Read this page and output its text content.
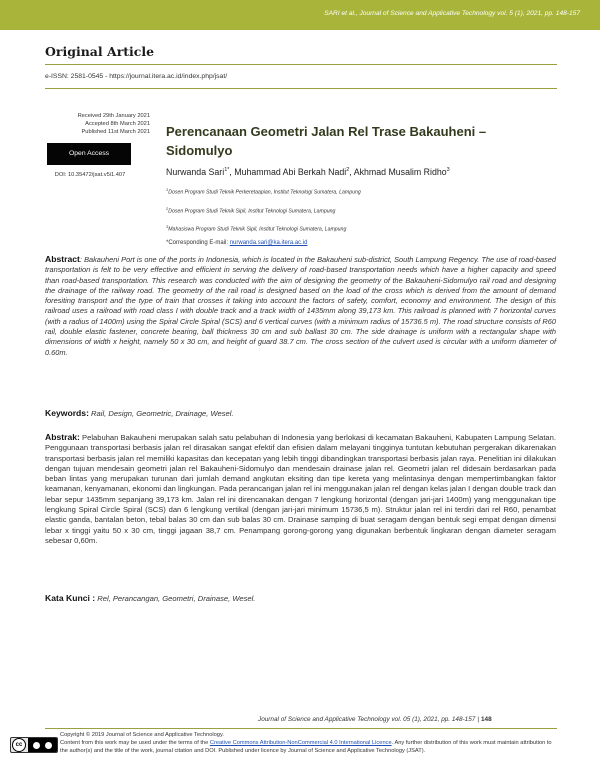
SARI et al., Journal of Science and Applicative Technology vol. 5 (1), 2021, pp. 148-157
Original Article
e-ISSN: 2581-0545 - https://journal.itera.ac.id/index.php/jsat/
Received 29th January 2021
Accepted 8th March 2021
Published 11st March 2021
Open Access
DOI: 10.35472/jsat.v5i1.407
Perencanaan Geometri Jalan Rel Trase Bakauheni –
Sidomulyo
Nurwanda Sari$^{1*}$, Muhammad Abi Berkah Nadi$^2$, Akhmad Musalim Ridho$^3$
$^1$Dosen Program Studi Teknik Perkeretaapian, Institut Teknologi Sumatera, Lampung
$^2$Dosen Program Studi Teknik Sipil, Institut Teknologi Sumatera, Lampung
$^3$Mahasiswa Program Studi Teknik Sipil, Institut Teknologi Sumatera, Lampung
*Corresponding E-mail: nurwanda.sari@ka.itera.ac.id
Abstract: Bakauheni Port is one of the ports in Indonesia, which is located in the Bakauheni sub-district, South Lampung Regency. The use of road-based transportation is felt to be very effective and efficient in serving the delivery of road-based transportation needs which have a higher capacity and speed than road-based transportation. This research was conducted with the aim of designing the geometry of the Bakauheni-Sidomulyo rail road and designing the drainage of the railway road. The geometry of the rail road is designed based on the load of the cross which is derived from the amount of demand foresiting transport and the type of train that crosses it taking into account the factors of safety, comfort, economy and environment. The design of this railroad uses a railroad with road class I with double track and a track width of 1435mm along 39,173 km. This railroad is planned with 7 horizontal curves (with a radius of 1400m) using the Spiral Circle Spiral (SCS) and 6 vertical curves (with a minimum radius of 15736.5 m). The road structure consists of R60 rail, double elastic fastener, concrete bearing, ball thickness 30 cm and sub ballast 30 cm. The side drainage is uniform with a rectangular shape with dimensions of width x height, namely 50 x 30 cm, and height of guard 38.7 cm. The cross section of the culvert used is circular with a uniform diameter of 0.60m.
Keywords: Rail, Design, Geometric, Drainage, Wesel.
Abstrak: Pelabuhan Bakauheni merupakan salah satu pelabuhan di Indonesia yang berlokasi di kecamatan Bakauheni, Kabupaten Lampung Selatan. Penggunaan transportasi berbasis jalan rel dirasakan sangat efektif dan efisien dalam melayani tingginya tuntutan kebutuhan pergerakan dikarenakan transportasi berbasis jalan rel memiliki kapasitas dan kecepatan yang lebih tinggi dibandingkan transportasi berbasis jalan raya. Penelitian ini dilakukan dengan tujuan mendesain geometri jalan rel Bakauheni-Sidomulyo dan mendesain drainase jalan rel. Geometri jalan rel didesain berdasarkan pada beban lintas yang merupakan turunan dari jumlah demand angkutan eksiting dan tipe kereta yang melintasinya dengan mempertimbangkan faktor keamanan, kenyamanan, ekonomi dan lingkungan. Pada perancangan jalan rel ini menggunakan jalan rel dengan kelas jalan I dengan double track dan lebar sepur 1435mm sepanjang 39,173 km. Jalan rel ini direncanakan dengan 7 lengkung horizontal (dengan jari-jari 1400m) yang menggunakan tipe lengkung Spiral Circle Spiral (SCS) dan 6 lengkung vertikal (dengan jari-jari minimum 15736,5 m). Struktur jalan rel ini terdiri dari rel R60, penambat elastic ganda, bantalan beton, tebal balas 30 cm dan sub balas 30 cm. Drainase samping di buat seragam dengan bentuk segi empat dengan dimensi lebar x tinggi yaitu 50 x 30 cm, tinggi jagaan 38,7 cm. Penampang gorong-gorong yang digunakan berbentuk lingkaran dengan diameter seragam sebesar 0,60m.
Kata Kunci : Rel, Perancangan, Geometri, Drainase, Wesel.
Journal of Science and Applicative Technology vol. 05 (1), 2021, pp. 148-157 | 148
cc
Copyright © 2019 Journal of Science and Applicative Technology.
Content from this work may be used under the terms of the Creative Commons Attribution-NonCommercial 4.0 International Licence. Any further distribution of this work must maintain attribution to the author(s) and the title of the work, journal citation and DOI. Published under licence by Journal of Science and Applicative Technology (JSAT).
